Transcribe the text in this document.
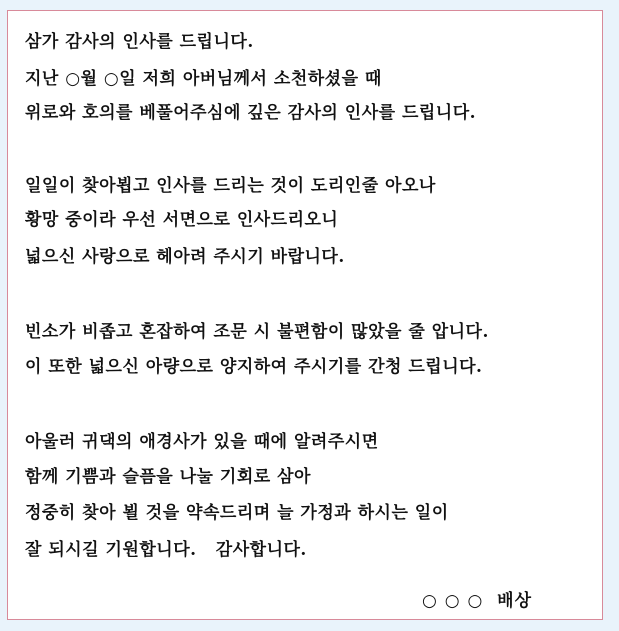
삼가 감사의 인사를 드립니다.
지난 ○월 ○일 저희 아버님께서 소천하셨을 때
위로와 호의를 베풀어주심에 깊은 감사의 인사를 드립니다.
일일이 찾아뵙고 인사를 드리는 것이 도리인줄 아오나
황망 중이라 우선 서면으로 인사드리오니
넓으신 사랑으로 헤아려 주시기 바랍니다.
빈소가 비좁고 혼잡하여 조문 시 불편함이 많았을 줄 압니다.
이 또한 넓으신 아량으로 양지하여 주시기를 간청 드립니다.
아울러 귀댁의 애경사가 있을 때에 알려주시면
함께 기쁨과 슬픔을 나눌 기회로 삼아
정중히 찾아 뵐 것을 약속드리며 늘 가정과 하시는 일이
잘 되시길 기원합니다.   감사합니다.
○ ○ ○  배상
